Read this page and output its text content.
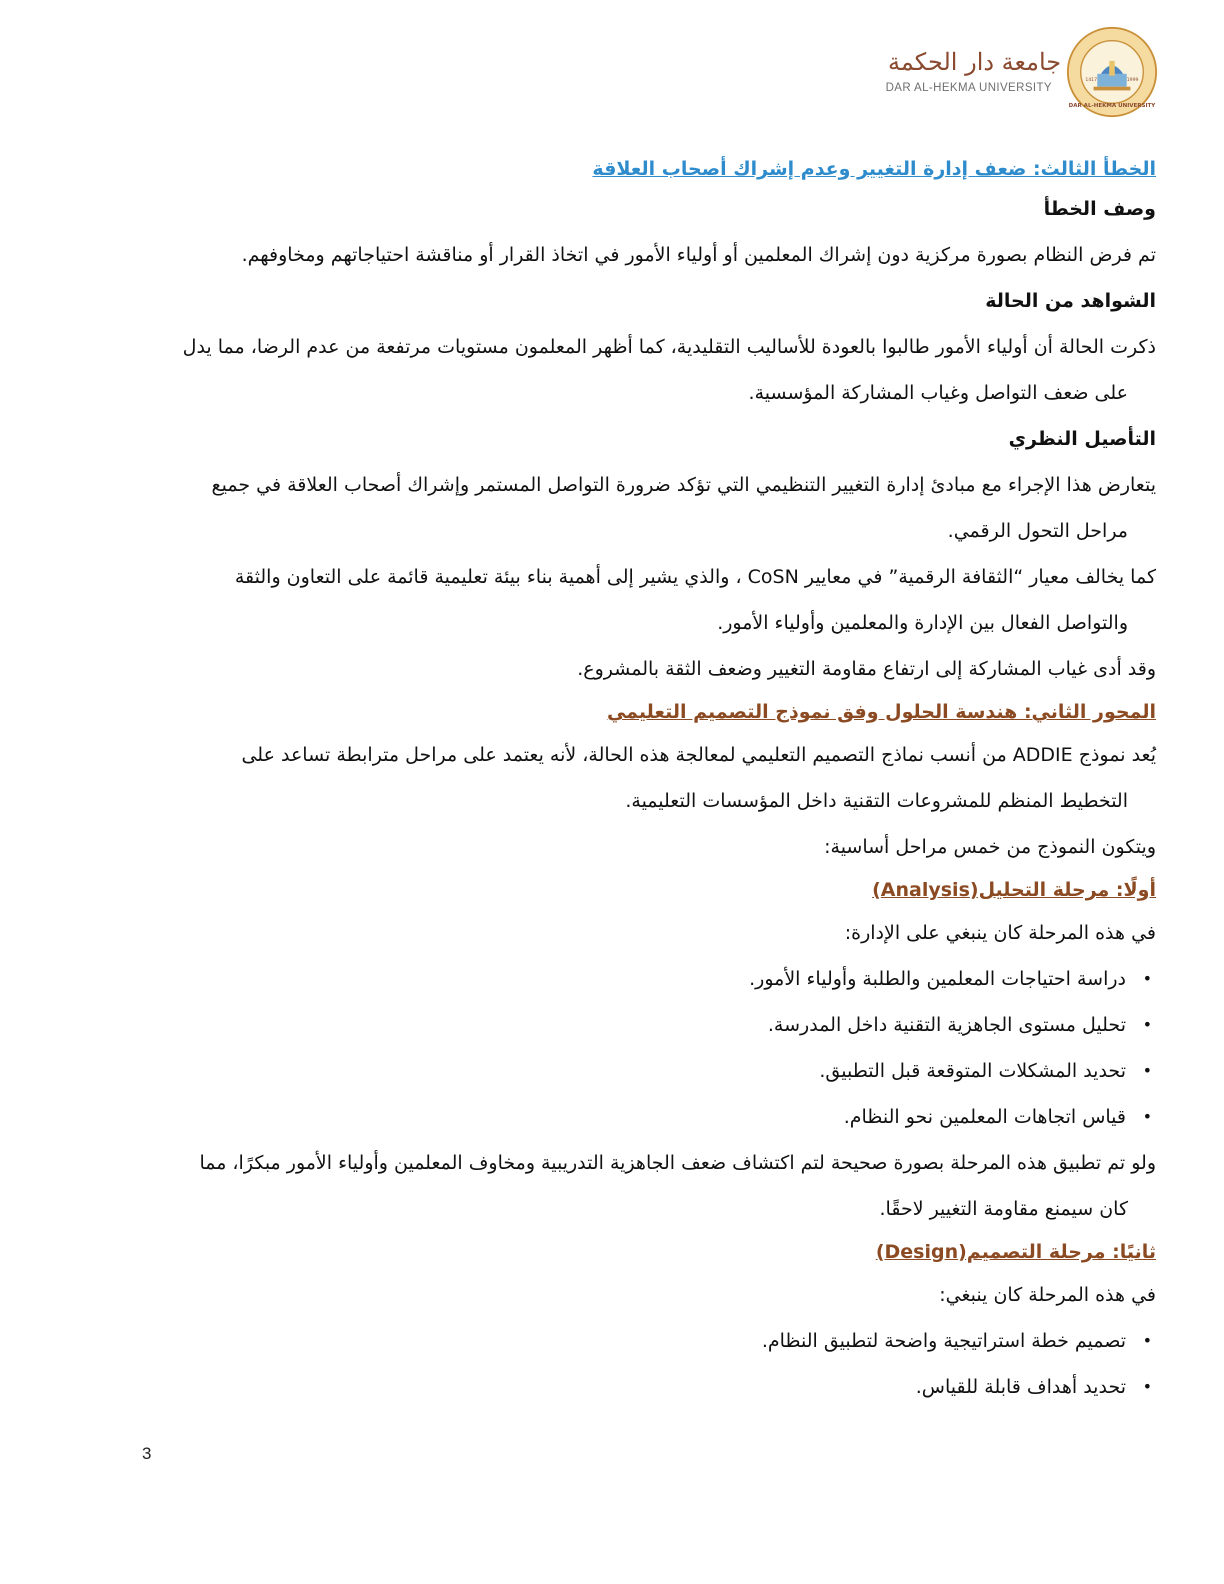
1417	1999
DAR AL-HEKMA UNIVERSITY
جامعة دار الحكمة
DAR AL-HEKMA UNIVERSITY
الخطأ الثالث: ضعف إدارة التغيير وعدم إشراك أصحاب العلاقة
وصف الخطأ
تم فرض النظام بصورة مركزية دون إشراك المعلمين أو أولياء الأمور في اتخاذ القرار أو مناقشة احتياجاتهم ومخاوفهم.
الشواهد من الحالة
ذكرت الحالة أن أولياء الأمور طالبوا بالعودة للأساليب التقليدية، كما أظهر المعلمون مستويات مرتفعة من عدم الرضا، مما يدل
على ضعف التواصل وغياب المشاركة المؤسسية.
التأصيل النظري
يتعارض هذا الإجراء مع مبادئ إدارة التغيير التنظيمي التي تؤكد ضرورة التواصل المستمر وإشراك أصحاب العلاقة في جميع
مراحل التحول الرقمي.
كما يخالف معيار “الثقافة الرقمية” في معايير CoSN ، والذي يشير إلى أهمية بناء بيئة تعليمية قائمة على التعاون والثقة
والتواصل الفعال بين الإدارة والمعلمين وأولياء الأمور.
وقد أدى غياب المشاركة إلى ارتفاع مقاومة التغيير وضعف الثقة بالمشروع.
المحور الثاني: هندسة الحلول وفق نموذج التصميم التعليمي
يُعد نموذج ADDIE من أنسب نماذج التصميم التعليمي لمعالجة هذه الحالة، لأنه يعتمد على مراحل مترابطة تساعد على
التخطيط المنظم للمشروعات التقنية داخل المؤسسات التعليمية.
ويتكون النموذج من خمس مراحل أساسية:
أولًا: مرحلة التحليل(Analysis)
في هذه المرحلة كان ينبغي على الإدارة:
• دراسة احتياجات المعلمين والطلبة وأولياء الأمور.
• تحليل مستوى الجاهزية التقنية داخل المدرسة.
• تحديد المشكلات المتوقعة قبل التطبيق.
• قياس اتجاهات المعلمين نحو النظام.
ولو تم تطبيق هذه المرحلة بصورة صحيحة لتم اكتشاف ضعف الجاهزية التدريبية ومخاوف المعلمين وأولياء الأمور مبكرًا، مما
كان سيمنع مقاومة التغيير لاحقًا.
ثانيًا: مرحلة التصميم(Design)
في هذه المرحلة كان ينبغي:
• تصميم خطة استراتيجية واضحة لتطبيق النظام.
• تحديد أهداف قابلة للقياس.
3
